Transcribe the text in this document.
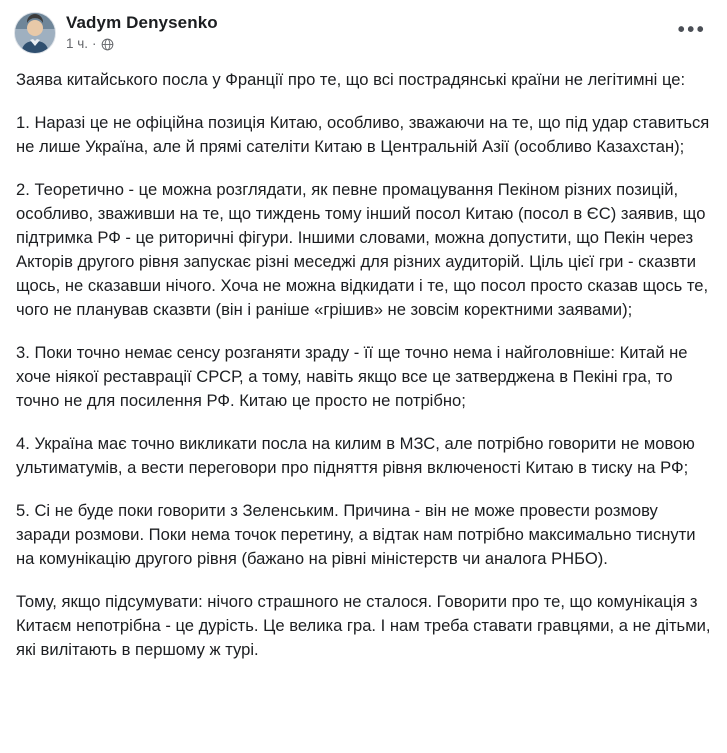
Vadym Denysenko
1 ч. ·
•••

Заява китайського посла у Франції про те, що всі пострадянські країни не легітимні це:

1. Наразі це не офіційна позиція Китаю, особливо, зважаючи на те, що під удар ставиться не лише Україна, але й прямі сателіти Китаю в Центральній Азії (особливо Казахстан);

2. Теоретично - це можна розглядати, як певне промацування Пекіном різних позицій, особливо, зваживши на те, що тиждень тому інший посол Китаю (посол в ЄС) заявив, що підтримка РФ - це риторичні фігури. Іншими словами, можна допустити, що Пекін через Акторів другого рівня запускає різні меседжі для різних аудиторій. Ціль цієї гри - сказвти щось, не сказавши нічого. Хоча не можна відкидати і те, що посол просто сказав щось те, чого не планував сказвти (він і раніше «грішив» не зовсім коректними заявами);

3. Поки точно немає сенсу розганяти зраду - її ще точно нема і найголовніше: Китай не хоче ніякої реставрації СРСР, а тому, навіть якщо все це затверджена в Пекіні гра, то точно не для посилення РФ. Китаю це просто не потрібно;

4. Україна має точно викликати посла на килим в МЗС, але потрібно говорити не мовою ультиматумів, а вести переговори про підняття рівня включеності Китаю в тиску на РФ;

5. Сі не буде поки говорити з Зеленським. Причина - він не може провести розмову заради розмови. Поки нема точок перетину, а відтак нам потрібно максимально тиснути на комунікацію другого рівня (бажано на рівні міністерств чи аналога РНБО).

Тому, якщо підсумувати: нічого страшного не сталося. Говорити про те, що комунікація з Китаєм непотрібна - це дурість. Це велика гра. І нам треба ставати гравцями, а не дітьми, які вилітають в першому ж турі.
